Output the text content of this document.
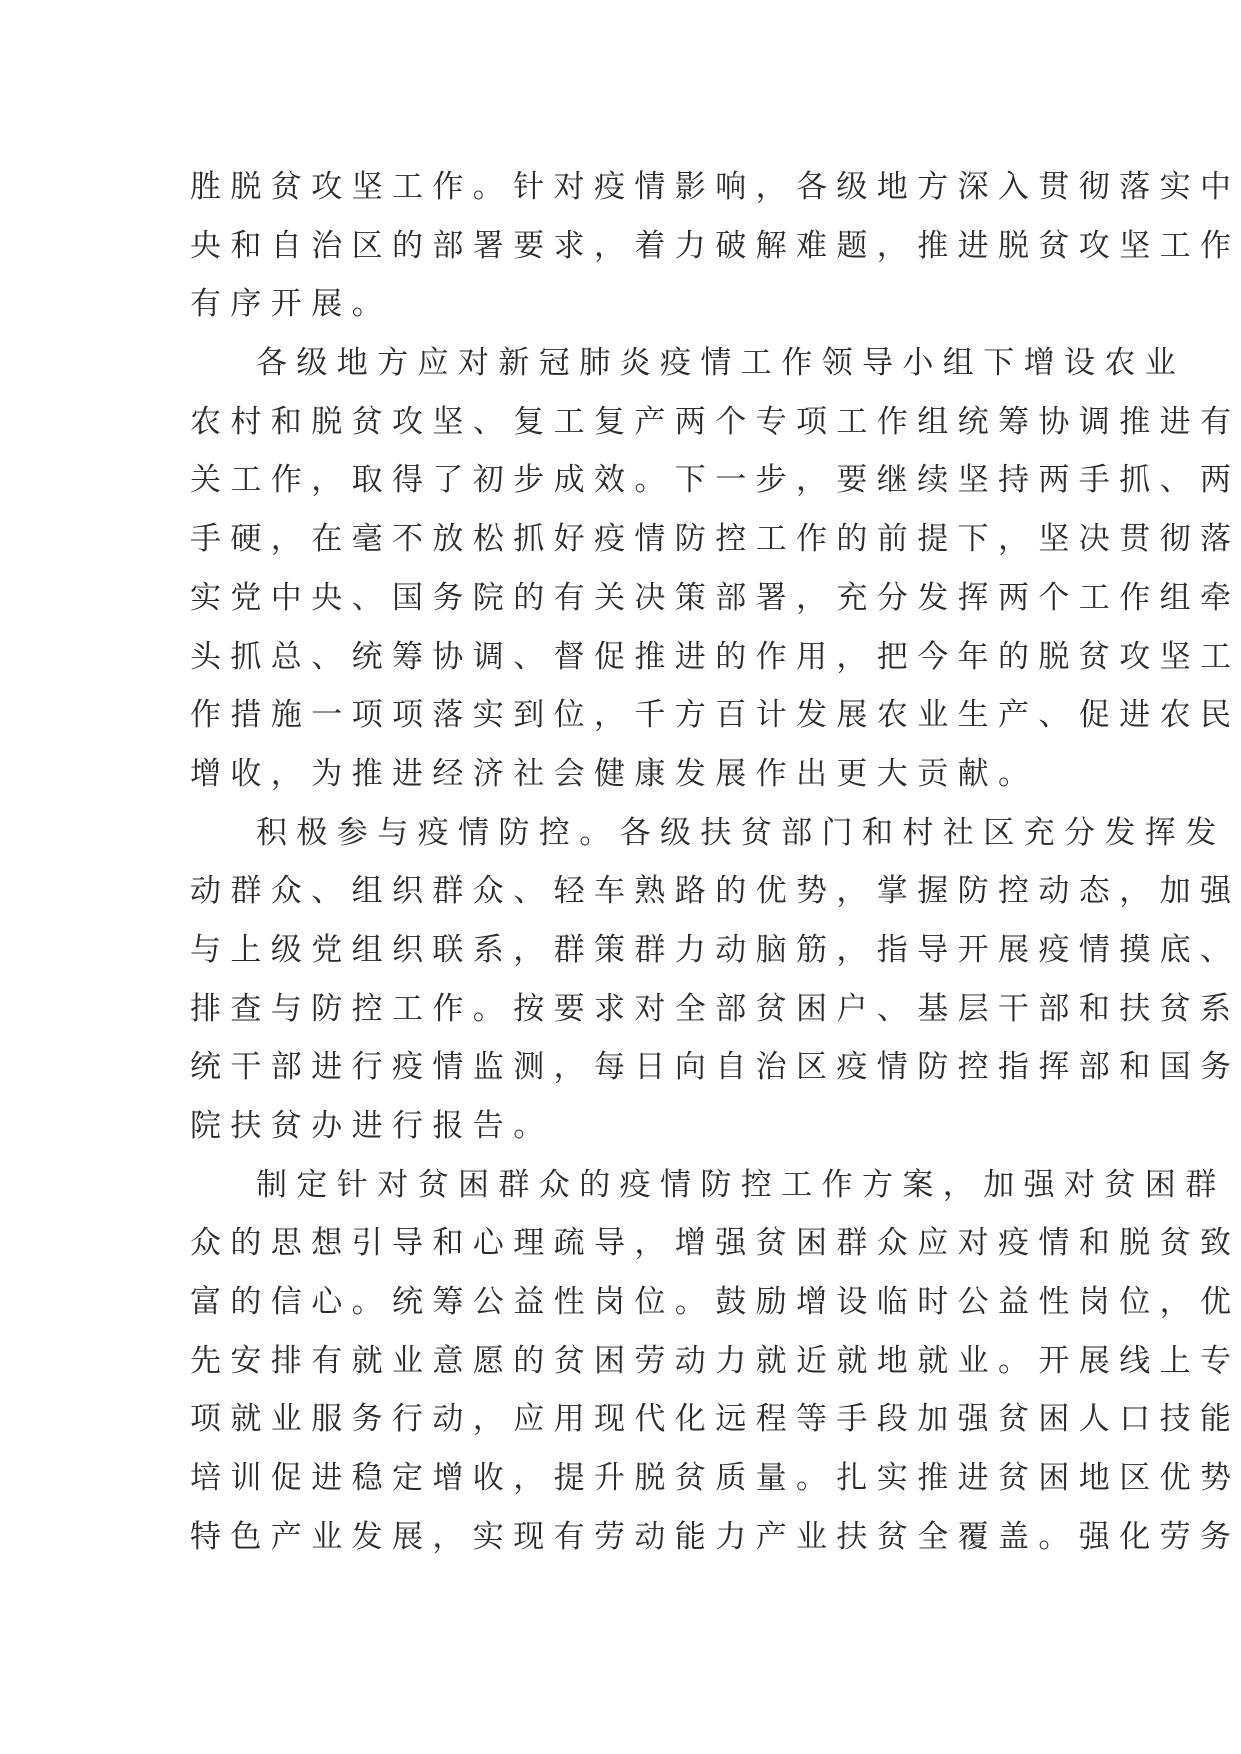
胜脱贫攻坚工作。针对疫情影响，各级地方深入贯彻落实中
央和自治区的部署要求，着力破解难题，推进脱贫攻坚工作
有序开展。
各级地方应对新冠肺炎疫情工作领导小组下增设农业
农村和脱贫攻坚、复工复产两个专项工作组统筹协调推进有
关工作，取得了初步成效。下一步，要继续坚持两手抓、两
手硬，在毫不放松抓好疫情防控工作的前提下，坚决贯彻落
实党中央、国务院的有关决策部署，充分发挥两个工作组牵
头抓总、统筹协调、督促推进的作用，把今年的脱贫攻坚工
作措施一项项落实到位，千方百计发展农业生产、促进农民
增收，为推进经济社会健康发展作出更大贡献。
积极参与疫情防控。各级扶贫部门和村社区充分发挥发
动群众、组织群众、轻车熟路的优势，掌握防控动态，加强
与上级党组织联系，群策群力动脑筋，指导开展疫情摸底、
排查与防控工作。按要求对全部贫困户、基层干部和扶贫系
统干部进行疫情监测，每日向自治区疫情防控指挥部和国务
院扶贫办进行报告。
制定针对贫困群众的疫情防控工作方案，加强对贫困群
众的思想引导和心理疏导，增强贫困群众应对疫情和脱贫致
富的信心。统筹公益性岗位。鼓励增设临时公益性岗位，优
先安排有就业意愿的贫困劳动力就近就地就业。开展线上专
项就业服务行动，应用现代化远程等手段加强贫困人口技能
培训促进稳定增收，提升脱贫质量。扎实推进贫困地区优势
特色产业发展，实现有劳动能力产业扶贫全覆盖。强化劳务
